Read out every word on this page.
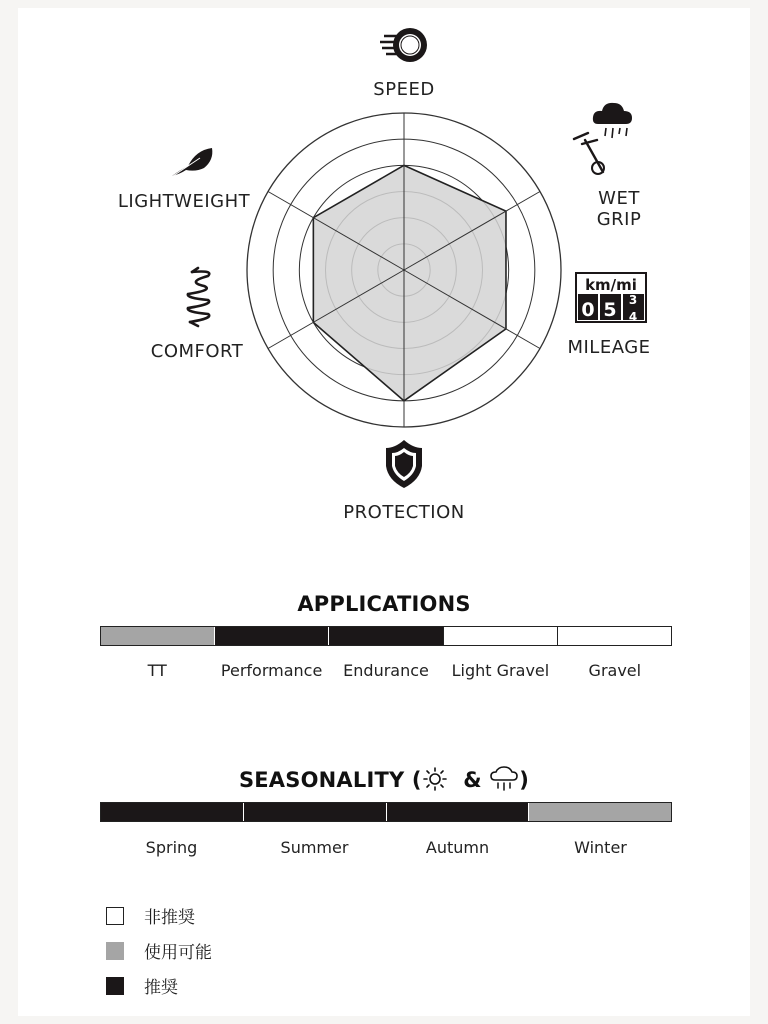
SPEED
WET
GRIP
MILEAGE
PROTECTION
COMFORT
LIGHTWEIGHT
km/mi
0 5 3
4
APPLICATIONS
TT	Performance	Endurance	Light Gravel	Gravel
SEASONALITY ( & )
Spring	Summer	Autumn	Winter
非推奨
使用可能
推奨
